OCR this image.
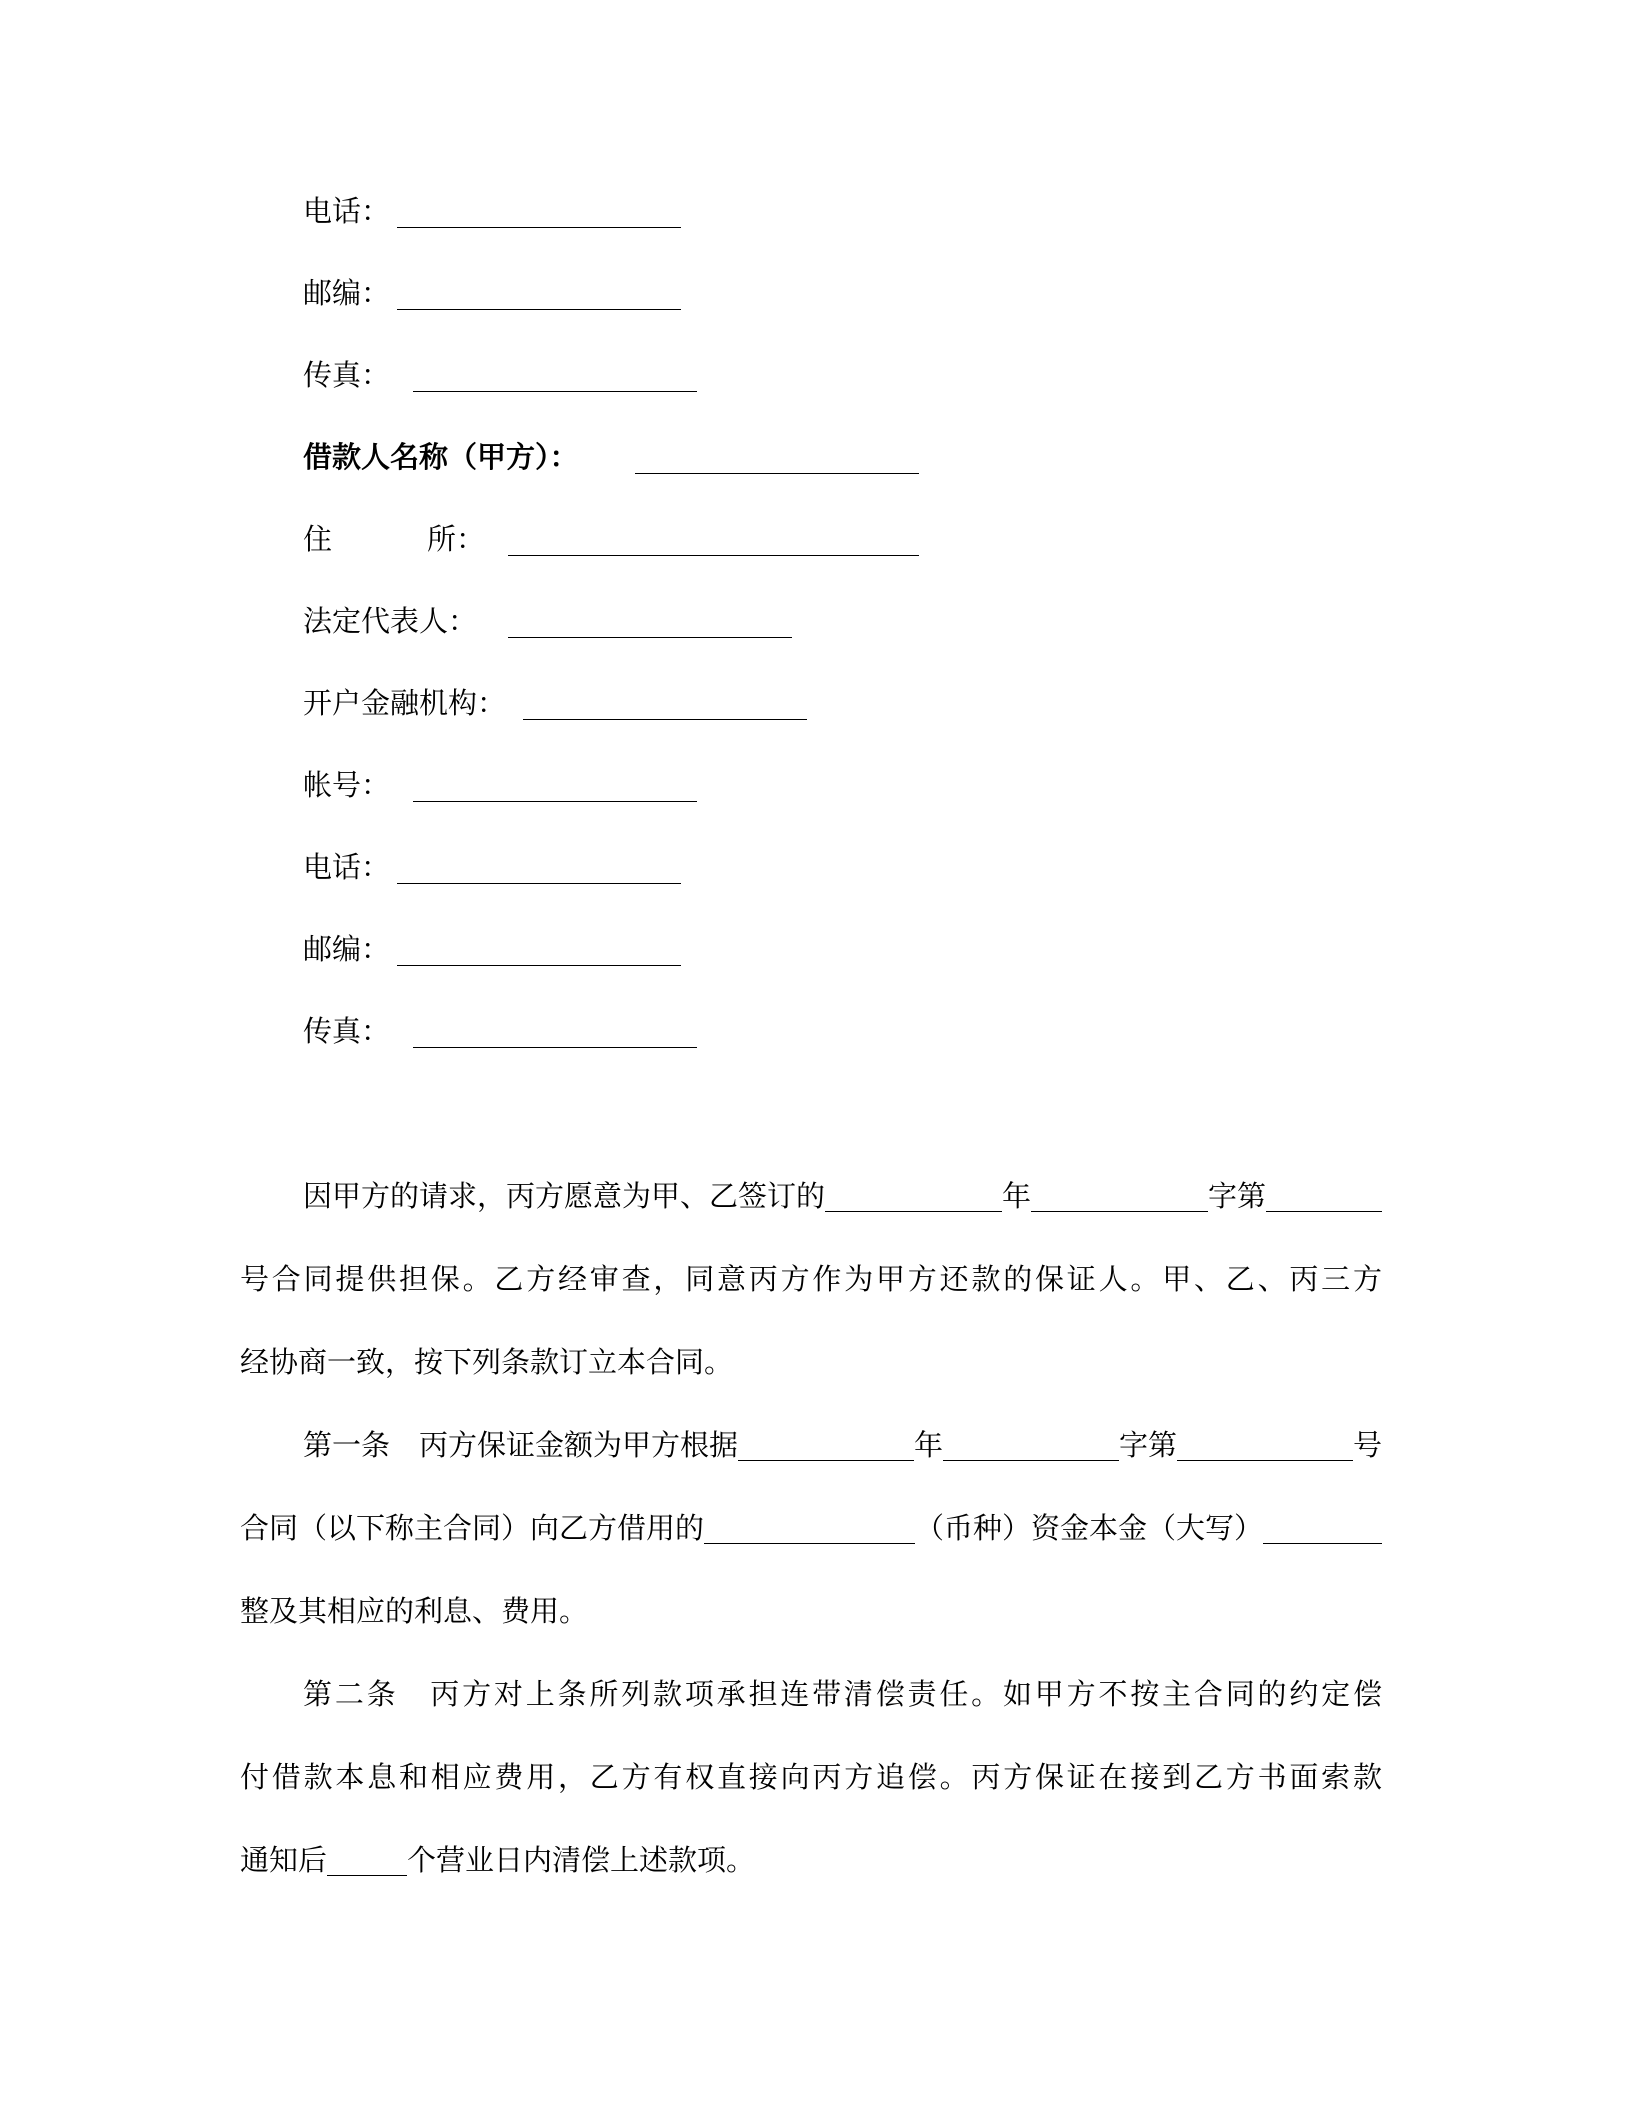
电话：
邮编：
传真：
借款人名称（甲方）：
住	所：
法定代表人：
开户金融机构：
帐号：
电话：
邮编：
传真：
因甲方的请求，丙方愿意为甲、乙签订的	年	字第
号合同提供担保。乙方经审查，同意丙方作为甲方还款的保证人。甲、乙、丙三方
经协商一致，按下列条款订立本合同。
第一条　丙方保证金额为甲方根据	年	字第	号
合同（以下称主合同）向乙方借用的	（币种）资金本金（大写）
整及其相应的利息、费用。
第二条　丙方对上条所列款项承担连带清偿责任。如甲方不按主合同的约定偿
付借款本息和相应费用，乙方有权直接向丙方追偿。丙方保证在接到乙方书面索款
通知后	个营业日内清偿上述款项。
